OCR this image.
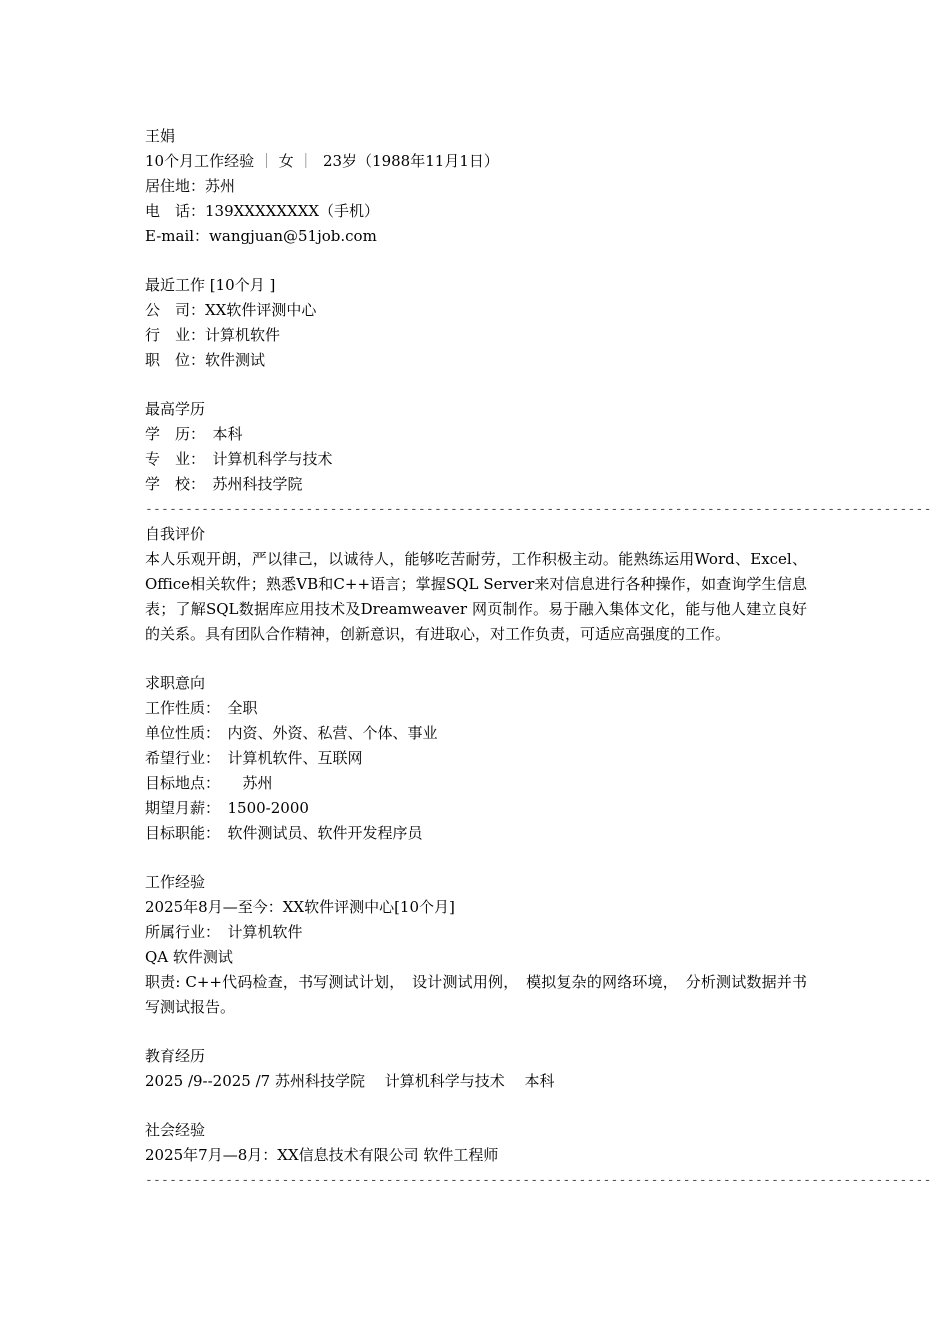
王娟
10个月工作经验 ｜ 女 ｜  23岁（1988年11月1日）
居住地：苏州
电　话：139XXXXXXXX（手机）
E-mail：wangjuan@51job.com
最近工作 [10个月 ]
公　司：XX软件评测中心
行　业：计算机软件
职　位：软件测试
最高学历
学　历：　本科
专　业：　计算机科学与技术
学　校：　苏州科技学院
--------------------------------------------------------------------------------------------------
自我评价
本人乐观开朗，严以律己，以诚待人，能够吃苦耐劳，工作积极主动。能熟练运用Word、Excel、Office相关软件；熟悉VB和C++语言；掌握SQL Server来对信息进行各种操作，如查询学生信息表；了解SQL数据库应用技术及Dreamweaver 网页制作。易于融入集体文化，能与他人建立良好的关系。具有团队合作精神，创新意识，有进取心，对工作负责，可适应高强度的工作。
求职意向
工作性质：　全职
单位性质：　内资、外资、私营、个体、事业
希望行业：　计算机软件、互联网
目标地点：　　苏州
期望月薪：　1500-2000
目标职能：　软件测试员、软件开发程序员
工作经验
2025年8月—至今：XX软件评测中心[10个月]
所属行业：　计算机软件
QA 软件测试
职责: C++代码检查，书写测试计划，　设计测试用例，　模拟复杂的网络环境，　分析测试数据并书写测试报告。
教育经历
2025 /9--2025 /7 苏州科技学院　 计算机科学与技术　 本科
社会经验
2025年7月—8月：XX信息技术有限公司 软件工程师
--------------------------------------------------------------------------------------------------
